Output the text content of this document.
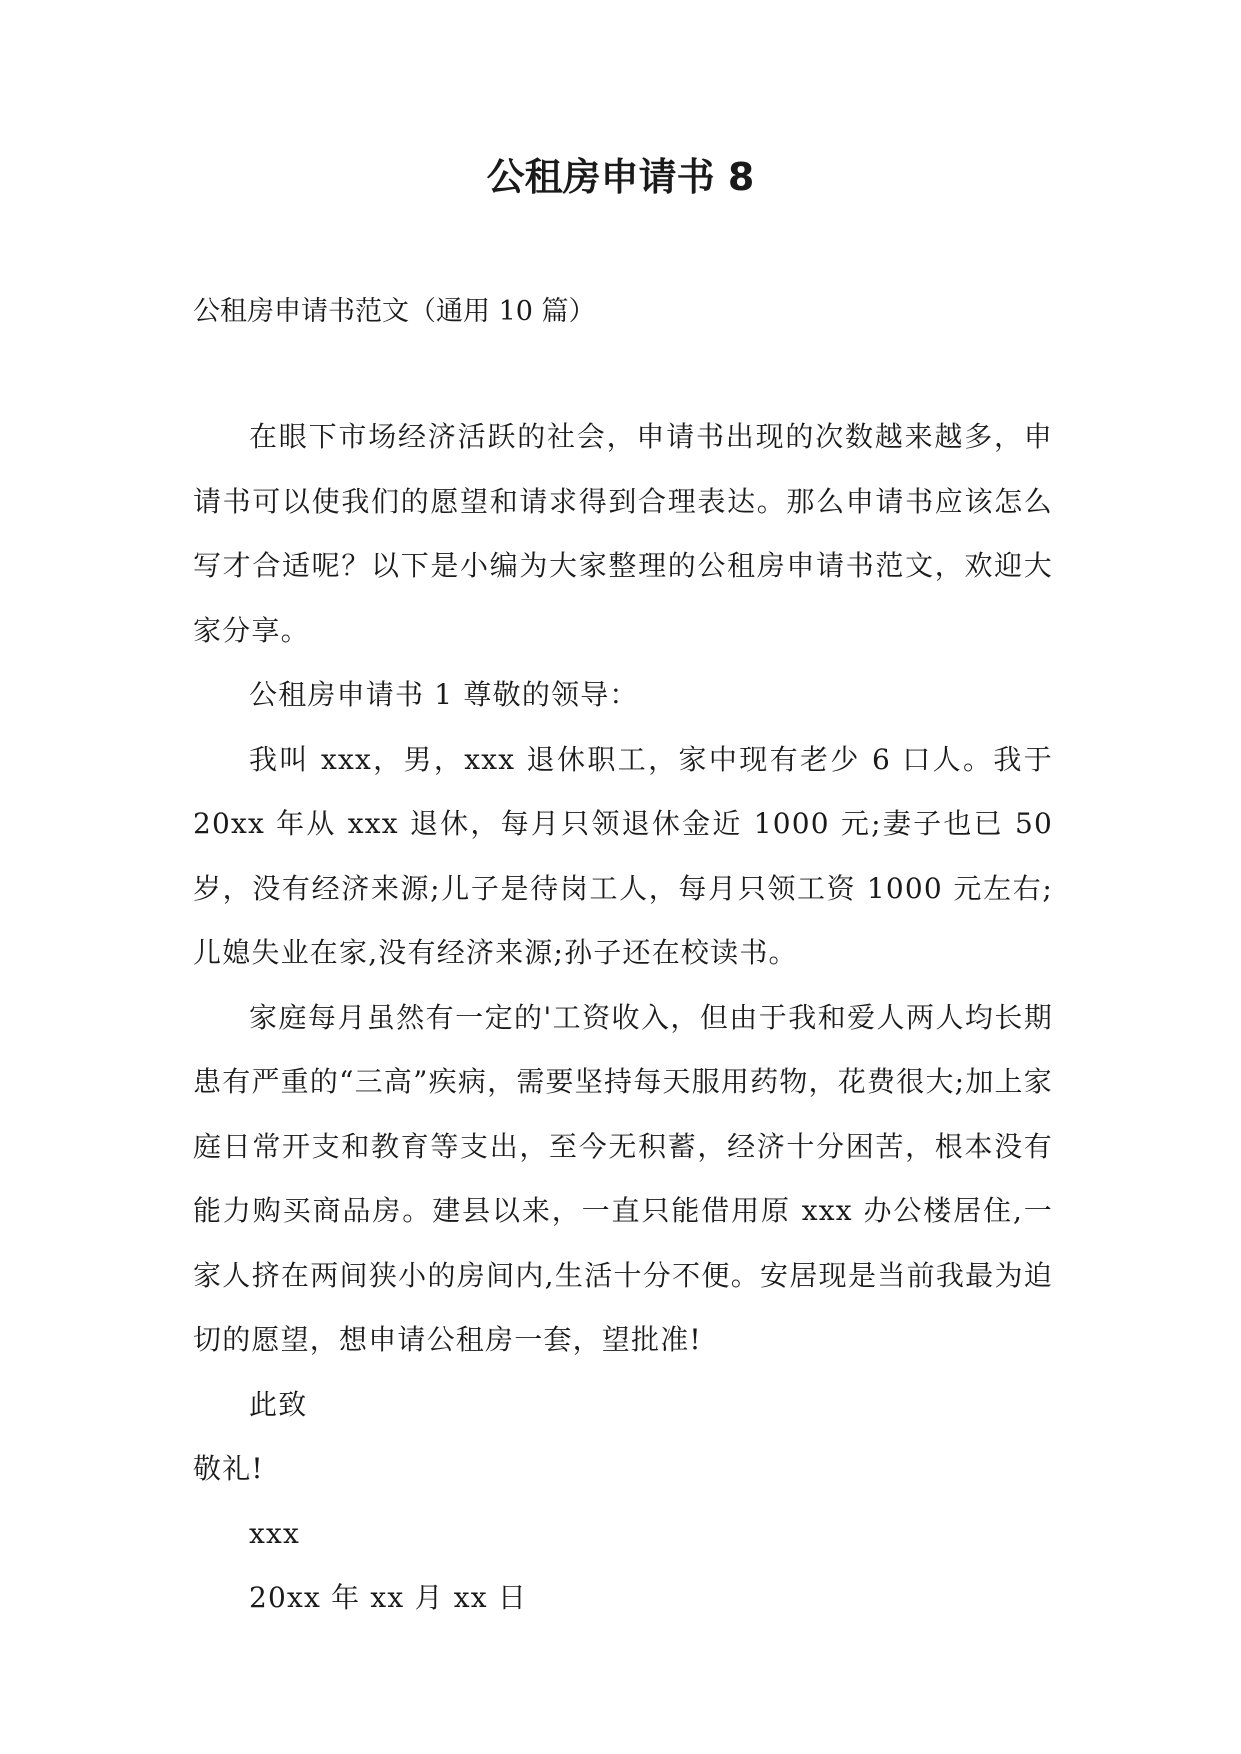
公租房申请书 8

公租房申请书范文（通用 10 篇）

在眼下市场经济活跃的社会，申请书出现的次数越来越多，申请书可以使我们的愿望和请求得到合理表达。那么申请书应该怎么写才合适呢？以下是小编为大家整理的公租房申请书范文，欢迎大家分享。

公租房申请书 1 尊敬的领导：

我叫 xxx，男，xxx 退休职工，家中现有老少 6 口人。我于 20xx 年从 xxx 退休，每月只领退休金近 1000 元;妻子也已 50 岁，没有经济来源;儿子是待岗工人，每月只领工资 1000 元左右;儿媳失业在家,没有经济来源;孙子还在校读书。

家庭每月虽然有一定的'工资收入，但由于我和爱人两人均长期患有严重的“三高”疾病，需要坚持每天服用药物，花费很大;加上家庭日常开支和教育等支出，至今无积蓄，经济十分困苦，根本没有能力购买商品房。建县以来，一直只能借用原 xxx 办公楼居住,一家人挤在两间狭小的房间内,生活十分不便。安居现是当前我最为迫切的愿望，想申请公租房一套，望批准!

此致

敬礼!

xxx

20xx 年 xx 月 xx 日
